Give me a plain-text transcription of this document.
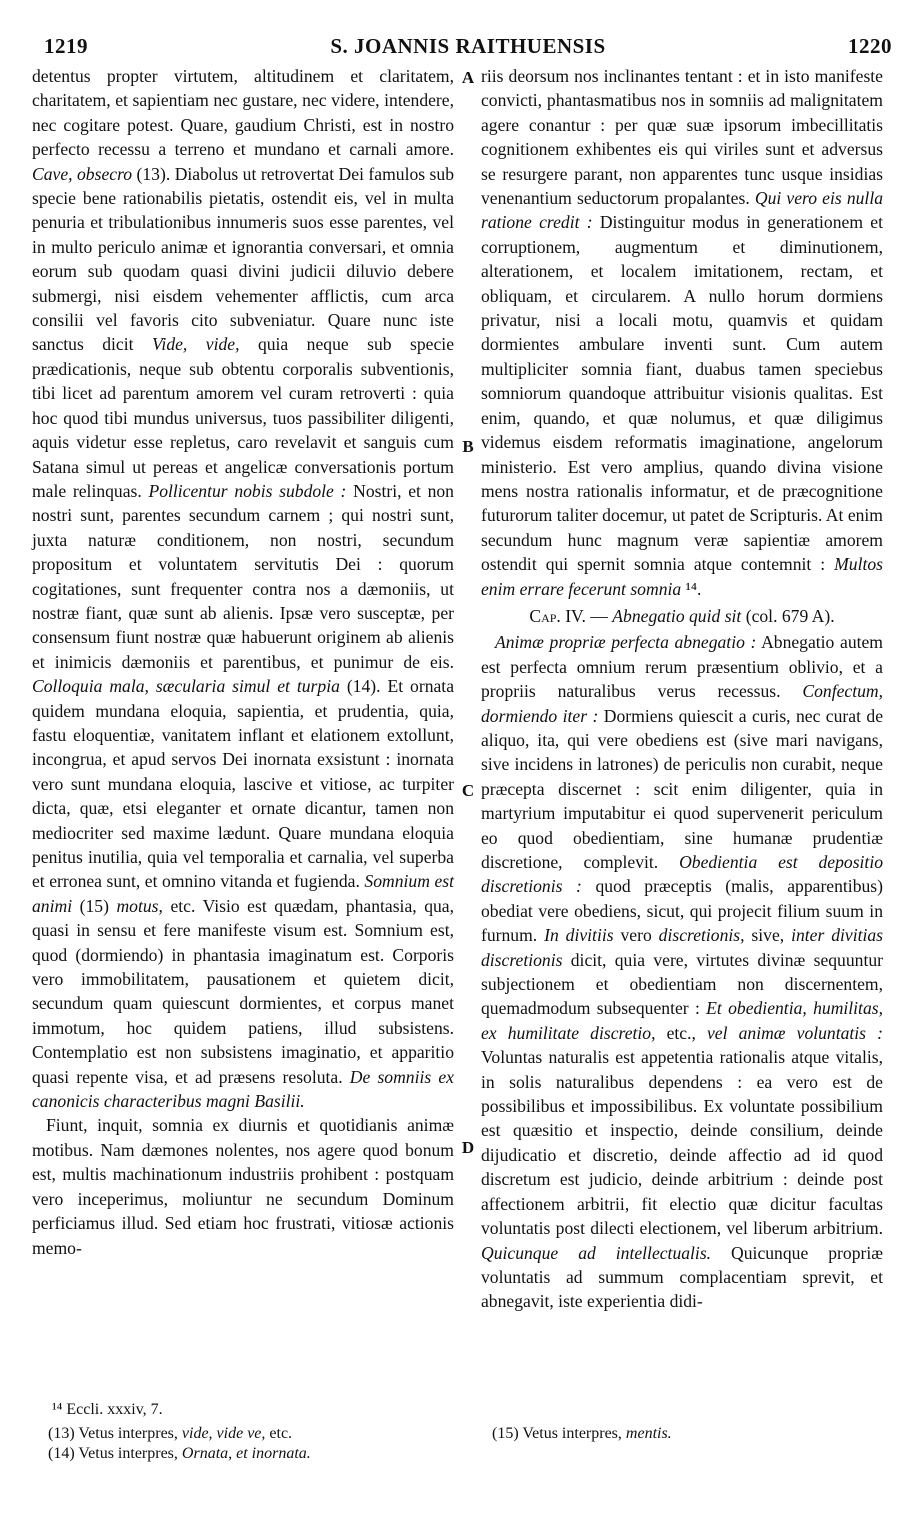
1219	S. JOANNIS RAITHUENSIS	1220
A
B
C
D

detentus propter virtutem, altitudinem et claritatem, charitatem, et sapientiam nec gustare, nec videre, intendere, nec cogitare potest. Quare, gaudium Christi, est in nostro perfecto recessu a terreno et mundano et carnali amore. Cave, obsecro (13). Diabolus ut retrovertat Dei famulos sub specie bene rationabilis pietatis, ostendit eis, vel in multa penuria et tribulationibus innumeris suos esse parentes, vel in multo periculo animæ et ignorantia conversari, et omnia eorum sub quodam quasi divini judicii diluvio debere submergi, nisi eisdem vehementer afflictis, cum arca consilii vel favoris cito subveniatur. Quare nunc iste sanctus dicit Vide, vide, quia neque sub specie prædicationis, neque sub obtentu corporalis subventionis, tibi licet ad parentum amorem vel curam retroverti : quia hoc quod tibi mundus universus, tuos passibiliter diligenti, aquis videtur esse repletus, caro revelavit et sanguis cum Satana simul ut pereas et angelicæ conversationis portum male relinquas. Pollicentur nobis subdole : Nostri, et non nostri sunt, parentes secundum carnem ; qui nostri sunt, juxta naturæ conditionem, non nostri, secundum propositum et voluntatem servitutis Dei : quorum cogitationes, sunt frequenter contra nos a dæmoniis, ut nostræ fiant, quæ sunt ab alienis. Ipsæ vero susceptæ, per consensum fiunt nostræ quæ habuerunt originem ab alienis et inimicis dæmoniis et parentibus, et punimur de eis. Colloquia mala, sæcularia simul et turpia (14). Et ornata quidem mundana eloquia, sapientia, et prudentia, quia, fastu eloquentiæ, vanitatem inflant et elationem extollunt, incongrua, et apud servos Dei inornata exsistunt : inornata vero sunt mundana eloquia, lascive et vitiose, ac turpiter dicta, quæ, etsi eleganter et ornate dicantur, tamen non mediocriter sed maxime lædunt. Quare mundana eloquia penitus inutilia, quia vel temporalia et carnalia, vel superba et erronea sunt, et omnino vitanda et fugienda. Somnium est animi (15) motus, etc. Visio est quædam, phantasia, qua, quasi in sensu et fere manifeste visum est. Somnium est, quod (dormiendo) in phantasia imaginatum est. Corporis vero immobilitatem, pausationem et quietem dicit, secundum quam quiescunt dormientes, et corpus manet immotum, hoc quidem patiens, illud subsistens. Contemplatio est non subsistens imaginatio, et apparitio quasi repente visa, et ad præsens resoluta. De somniis ex canonicis characteribus magni Basilii.

Fiunt, inquit, somnia ex diurnis et quotidianis animæ motibus. Nam dæmones nolentes, nos agere quod bonum est, multis machinationum industriis prohibent : postquam vero inceperimus, moliuntur ne secundum Dominum perficiamus illud. Sed etiam hoc frustrati, vitiosæ actionis memo-

riis deorsum nos inclinantes tentant : et in isto manifeste convicti, phantasmatibus nos in somniis ad malignitatem agere conantur : per quæ suæ ipsorum imbecillitatis cognitionem exhibentes eis qui viriles sunt et adversus se resurgere parant, non apparentes tunc usque insidias venenantium seductorum propalantes. Qui vero eis nulla ratione credit : Distinguitur modus in generationem et corruptionem, augmentum et diminutionem, alterationem, et localem imitationem, rectam, et obliquam, et circularem. A nullo horum dormiens privatur, nisi a locali motu, quamvis et quidam dormientes ambulare inventi sunt. Cum autem multipliciter somnia fiant, duabus tamen speciebus somniorum quandoque attribuitur visionis qualitas. Est enim, quando, et quæ nolumus, et quæ diligimus videmus eisdem reformatis imaginatione, angelorum ministerio. Est vero amplius, quando divina visione mens nostra rationalis informatur, et de præcognitione futurorum taliter docemur, ut patet de Scripturis. At enim secundum hunc magnum veræ sapientiæ amorem ostendit qui spernit somnia atque contemnit : Multos enim errare fecerunt somnia ¹⁴.

Cap. IV. — Abnegatio quid sit (col. 679 A).

Animæ propriæ perfecta abnegatio : Abnegatio autem est perfecta omnium rerum præsentium oblivio, et a propriis naturalibus verus recessus. Confectum, dormiendo iter : Dormiens quiescit a curis, nec curat de aliquo, ita, qui vere obediens est (sive mari navigans, sive incidens in latrones) de periculis non curabit, neque præcepta discernet : scit enim diligenter, quia in martyrium imputabitur ei quod supervenerit periculum eo quod obedientiam, sine humanæ prudentiæ discretione, complevit. Obedientia est depositio discretionis : quod præceptis (malis, apparentibus) obediat vere obediens, sicut, qui projecit filium suum in furnum. In divitiis vero discretionis, sive, inter divitias discretionis dicit, quia vere, virtutes divinæ sequuntur subjectionem et obedientiam non discernentem, quemadmodum subsequenter : Et obedientia, humilitas, ex humilitate discretio, etc., vel animæ voluntatis : Voluntas naturalis est appetentia rationalis atque vitalis, in solis naturalibus dependens : ea vero est de possibilibus et impossibilibus. Ex voluntate possibilium est quæsitio et inspectio, deinde consilium, deinde dijudicatio et discretio, deinde affectio ad id quod discretum est judicio, deinde arbitrium : deinde post affectionem arbitrii, fit electio quæ dicitur facultas voluntatis post dilecti electionem, vel liberum arbitrium. Quicunque ad intellectualis. Quicunque propriæ voluntatis ad summum complacentiam sprevit, et abnegavit, iste experientia didi-

¹⁴ Eccli. xxxiv, 7.
(13) Vetus interpres, vide, vide ve, etc.
(14) Vetus interpres, Ornata, et inornata.
(15) Vetus interpres, mentis.
